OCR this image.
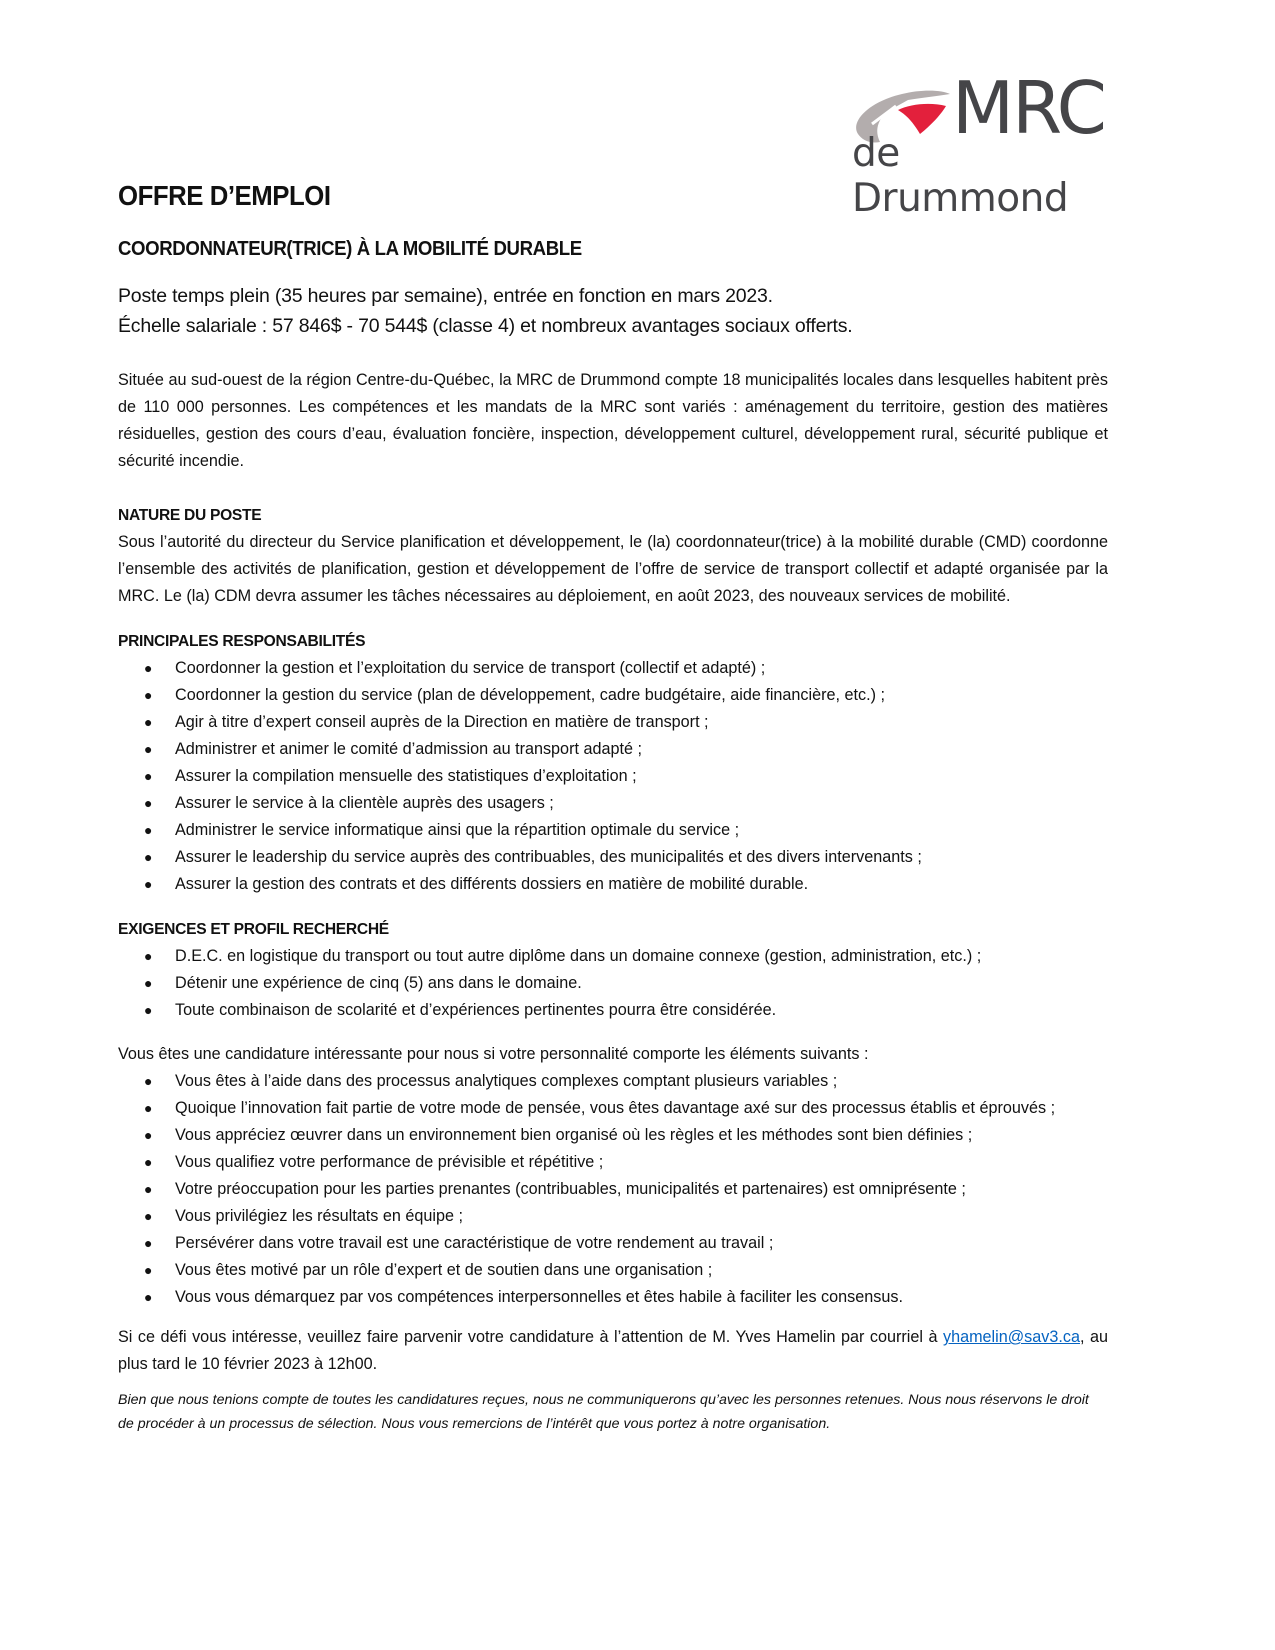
MRC
de Drummond
OFFRE D’EMPLOI
COORDONNATEUR(TRICE) À LA MOBILITÉ DURABLE
Poste temps plein (35 heures par semaine), entrée en fonction en mars 2023.
Échelle salariale : 57 846$ - 70 544$ (classe 4) et nombreux avantages sociaux offerts.

Située au sud-ouest de la région Centre-du-Québec, la MRC de Drummond compte 18 municipalités locales dans lesquelles habitent près de 110 000 personnes. Les compétences et les mandats de la MRC sont variés : aménagement du territoire, gestion des matières résiduelles, gestion des cours d’eau, évaluation foncière, inspection, développement culturel, développement rural, sécurité publique et sécurité incendie.

NATURE DU POSTE

Sous l’autorité du directeur du Service planification et développement, le (la) coordonnateur(trice) à la mobilité durable (CMD) coordonne l’ensemble des activités de planification, gestion et développement de l’offre de service de transport collectif et adapté organisée par la MRC. Le (la) CDM devra assumer les tâches nécessaires au déploiement, en août 2023, des nouveaux services de mobilité.

PRINCIPALES RESPONSABILITÉS
● Coordonner la gestion et l’exploitation du service de transport (collectif et adapté) ;
● Coordonner la gestion du service (plan de développement, cadre budgétaire, aide financière, etc.) ;
● Agir à titre d’expert conseil auprès de la Direction en matière de transport ;
● Administrer et animer le comité d’admission au transport adapté ;
● Assurer la compilation mensuelle des statistiques d’exploitation ;
● Assurer le service à la clientèle auprès des usagers ;
● Administrer le service informatique ainsi que la répartition optimale du service ;
● Assurer le leadership du service auprès des contribuables, des municipalités et des divers intervenants ;
● Assurer la gestion des contrats et des différents dossiers en matière de mobilité durable.
EXIGENCES ET PROFIL RECHERCHÉ
● D.E.C. en logistique du transport ou tout autre diplôme dans un domaine connexe (gestion, administration, etc.) ;
● Détenir une expérience de cinq (5) ans dans le domaine.
● Toute combinaison de scolarité et d’expériences pertinentes pourra être considérée.

Vous êtes une candidature intéressante pour nous si votre personnalité comporte les éléments suivants :

● Vous êtes à l’aide dans des processus analytiques complexes comptant plusieurs variables ;
● Quoique l’innovation fait partie de votre mode de pensée, vous êtes davantage axé sur des processus établis et éprouvés ;
● Vous appréciez œuvrer dans un environnement bien organisé où les règles et les méthodes sont bien définies ;
● Vous qualifiez votre performance de prévisible et répétitive ;
● Votre préoccupation pour les parties prenantes (contribuables, municipalités et partenaires) est omniprésente ;
● Vous privilégiez les résultats en équipe ;
● Persévérer dans votre travail est une caractéristique de votre rendement au travail ;
● Vous êtes motivé par un rôle d’expert et de soutien dans une organisation ;
● Vous vous démarquez par vos compétences interpersonnelles et êtes habile à faciliter les consensus.

Si ce défi vous intéresse, veuillez faire parvenir votre candidature à l’attention de M. Yves Hamelin par courriel à yhamelin@sav3.ca, au plus tard le 10 février 2023 à 12h00.

Bien que nous tenions compte de toutes les candidatures reçues, nous ne communiquerons qu’avec les personnes retenues. Nous nous réservons le droit de procéder à un processus de sélection. Nous vous remercions de l’intérêt que vous portez à notre organisation.
